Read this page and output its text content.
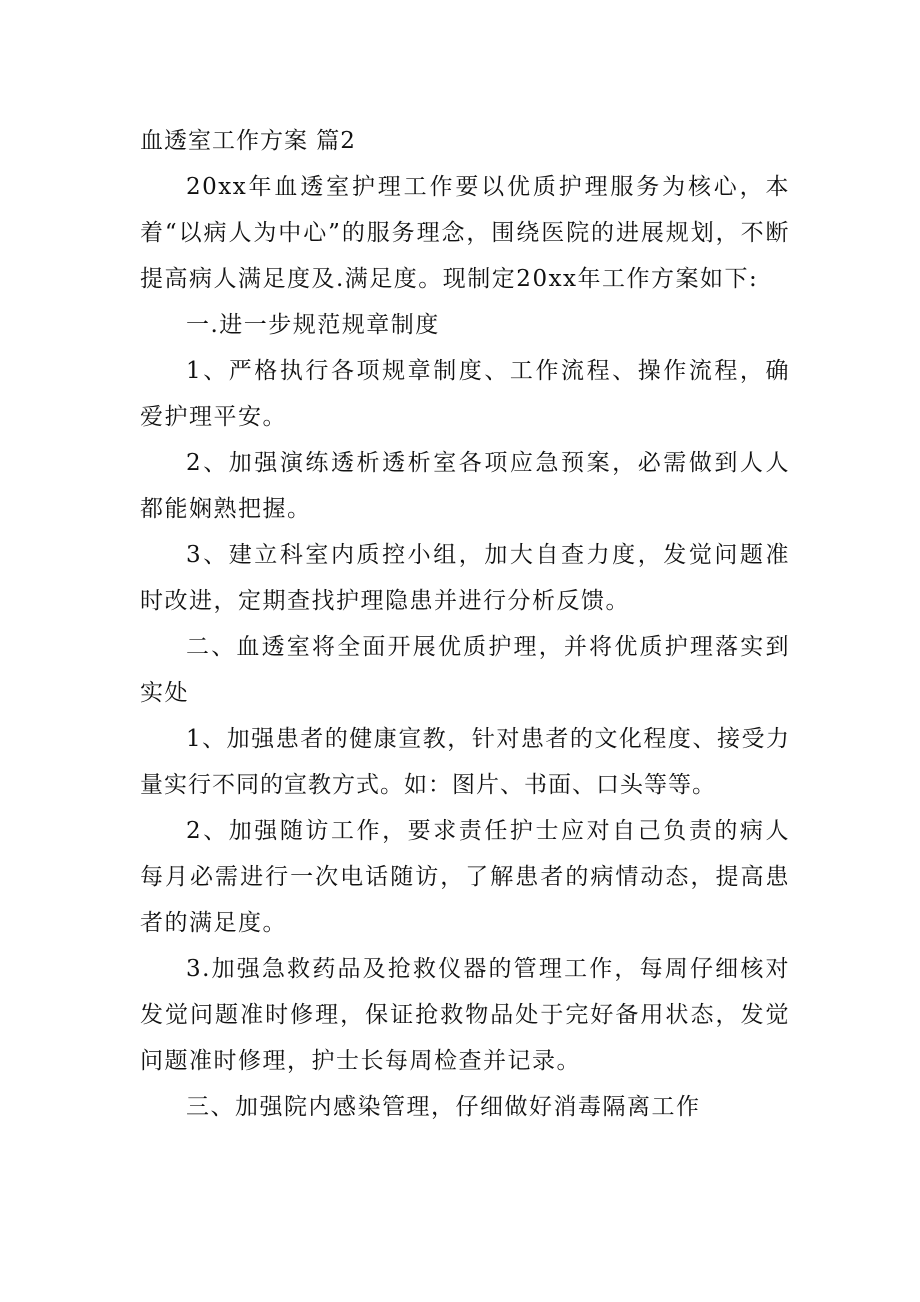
血透室工作方案 篇2

20xx年血透室护理工作要以优质护理服务为核心，本着“以病人为中心”的服务理念，围绕医院的进展规划，不断提高病人满足度及.满足度。现制定20xx年工作方案如下:

一.进一步规范规章制度

1、严格执行各项规章制度、工作流程、操作流程，确爱护理平安。

2、加强演练透析透析室各项应急预案，必需做到人人都能娴熟把握。

3、建立科室内质控小组，加大自查力度，发觉问题准时改进，定期查找护理隐患并进行分析反馈。

二、血透室将全面开展优质护理，并将优质护理落实到实处

1、加强患者的健康宣教，针对患者的文化程度、接受力量实行不同的宣教方式。如：图片、书面、口头等等。

2、加强随访工作，要求责任护士应对自己负责的病人每月必需进行一次电话随访，了解患者的病情动态，提高患者的满足度。

3.加强急救药品及抢救仪器的管理工作，每周仔细核对发觉问题准时修理，保证抢救物品处于完好备用状态，发觉问题准时修理，护士长每周检查并记录。

三、加强院内感染管理，仔细做好消毒隔离工作
